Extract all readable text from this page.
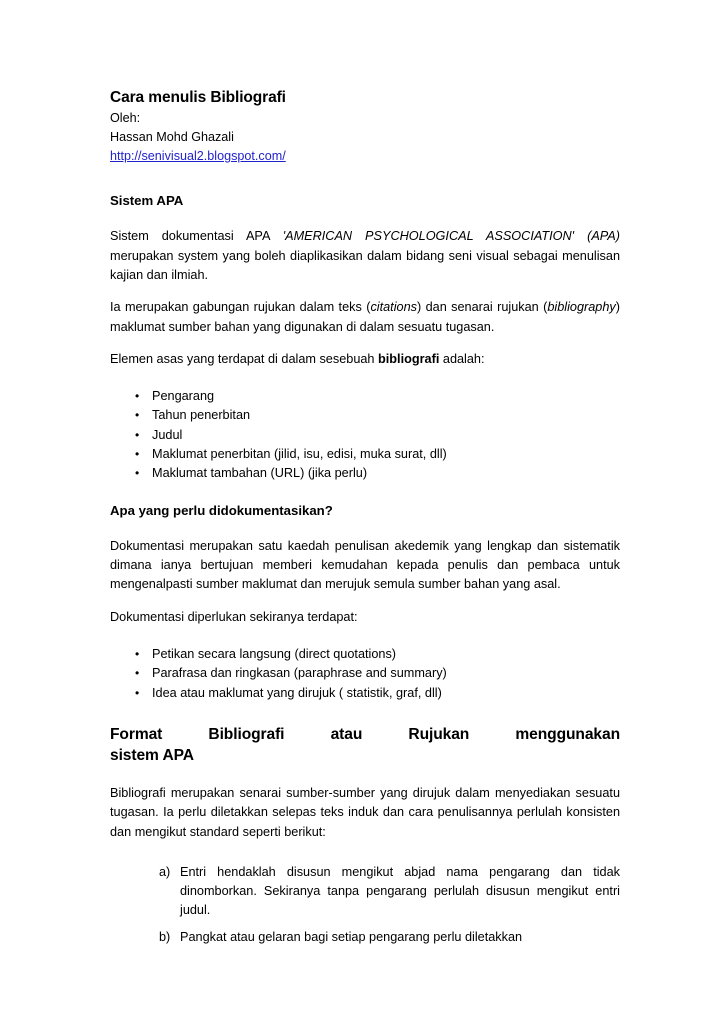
Cara menulis Bibliografi
Oleh:
Hassan Mohd Ghazali
http://senivisual2.blogspot.com/
Sistem APA

Sistem dokumentasi APA 'AMERICAN PSYCHOLOGICAL ASSOCIATION' (APA) merupakan system yang boleh diaplikasikan dalam bidang seni visual sebagai menulisan kajian dan ilmiah.

Ia merupakan gabungan rujukan dalam teks (citations) dan senarai rujukan (bibliography) maklumat sumber bahan yang digunakan di dalam sesuatu tugasan.

Elemen asas yang terdapat di dalam sesebuah bibliografi adalah:

• Pengarang
• Tahun penerbitan
• Judul
• Maklumat penerbitan (jilid, isu, edisi, muka surat, dll)
• Maklumat tambahan (URL) (jika perlu)
Apa yang perlu didokumentasikan?

Dokumentasi merupakan satu kaedah penulisan akedemik yang lengkap dan sistematik dimana ianya bertujuan memberi kemudahan kepada penulis dan pembaca untuk mengenalpasti sumber maklumat dan merujuk semula sumber bahan yang asal.

Dokumentasi diperlukan sekiranya terdapat:

• Petikan secara langsung (direct quotations)
• Parafrasa dan ringkasan (paraphrase and summary)
• Idea atau maklumat yang dirujuk ( statistik, graf, dll)
Format Bibliografi atau Rujukan menggunakan
sistem APA

Bibliografi merupakan senarai sumber-sumber yang dirujuk dalam menyediakan sesuatu tugasan. Ia perlu diletakkan selepas teks induk dan cara penulisannya perlulah konsisten dan mengikut standard seperti berikut:

a) Entri hendaklah disusun mengikut abjad nama pengarang dan tidak dinomborkan. Sekiranya tanpa pengarang perlulah disusun mengikut entri judul.
b) Pangkat atau gelaran bagi setiap pengarang perlu diletakkan
